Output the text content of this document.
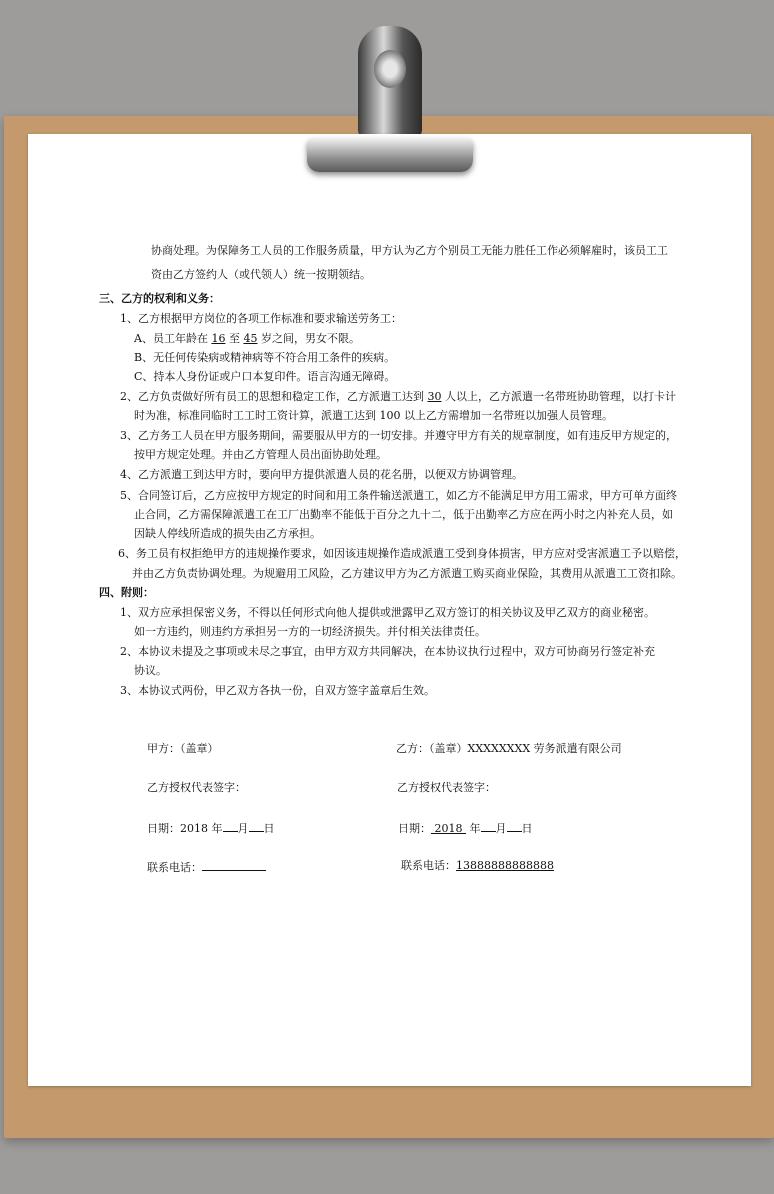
协商处理。为保障务工人员的工作服务质量，甲方认为乙方个别员工无能力胜任工作必须解雇时，该员工工
资由乙方签约人（或代领人）统一按期领结。
三、乙方的权利和义务：
1、乙方根据甲方岗位的各项工作标准和要求输送劳务工：
A、员工年龄在 16 至 45 岁之间，男女不限。
B、无任何传染病或精神病等不符合用工条件的疾病。
C、持本人身份证或户口本复印件。语言沟通无障碍。
2、乙方负责做好所有员工的思想和稳定工作，乙方派遣工达到 30 人以上，乙方派遣一名带班协助管理，以打卡计
时为准，标准同临时工工时工资计算，派遣工达到 100 以上乙方需增加一名带班以加强人员管理。
3、乙方务工人员在甲方服务期间，需要服从甲方的一切安排。并遵守甲方有关的规章制度，如有违反甲方规定的，
按甲方规定处理。并由乙方管理人员出面协助处理。
4、乙方派遣工到达甲方时，要向甲方提供派遣人员的花名册，以便双方协调管理。
5、合同签订后，乙方应按甲方规定的时间和用工条件输送派遣工，如乙方不能满足甲方用工需求，甲方可单方面终
止合同，乙方需保障派遣工在工厂出勤率不能低于百分之九十二，低于出勤率乙方应在两小时之内补充人员，如
因缺人停线所造成的损失由乙方承担。
6、务工员有权拒绝甲方的违规操作要求，如因该违规操作造成派遣工受到身体损害，甲方应对受害派遣工予以赔偿，
并由乙方负责协调处理。为规避用工风险，乙方建议甲方为乙方派遣工购买商业保险，其费用从派遣工工资扣除。
四、附则：
1、双方应承担保密义务，不得以任何形式向他人提供或泄露甲乙双方签订的相关协议及甲乙双方的商业秘密。
如一方违约，则违约方承担另一方的一切经济损失。并付相关法律责任。
2、本协议未提及之事项或未尽之事宜，由甲方双方共同解决，在本协议执行过程中，双方可协商另行签定补充
协议。
3、本协议式两份，甲乙双方各执一份，自双方签字盖章后生效。
甲方：（盖章）	乙方：（盖章）XXXXXXXX 劳务派遣有限公司
乙方授权代表签字：	乙方授权代表签字：
日期：2018 年 月 日	日期： 2018 年 月 日
联系电话：	联系电话：13888888888888
